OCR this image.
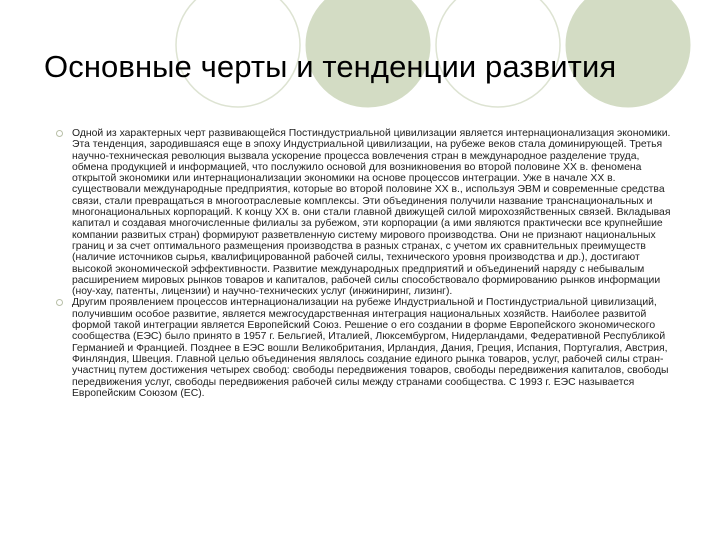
Основные черты и тенденции развития
Одной из характерных черт развивающейся Постиндустриальной цивилизации является интернационализация экономики. Эта тенденция, зародившаяся еще в эпоху Индустриальной цивилизации, на рубеже веков стала доминирующей. Третья научно-техническая революция вызвала ускорение процесса вовлечения стран в международное разделение труда, обмена продукцией и информацией, что послужило основой для возникновения во второй половине XX в. феномена открытой экономики или интернационализации экономики на основе процессов интеграции. Уже в начале XX в. существовали международные предприятия, которые во второй половине XX в., используя ЭВМ и современные средства связи, стали превращаться в многоотраслевые комплексы. Эти объединения получили название транснациональных и многонациональных корпораций. К концу XX в. они стали главной движущей силой мирохозяйственных связей. Вкладывая капитал и создавая многочисленные филиалы за рубежом, эти корпорации (а ими являются практически все крупнейшие компании развитых стран) формируют разветвленную систему мирового производства. Они не признают национальных границ и за счет оптимального размещения производства в разных странах, с учетом их сравнительных преимуществ (наличие источников сырья, квалифицированной рабочей силы, технического уровня производства и др.), достигают высокой экономической эффективности. Развитие международных предприятий и объединений наряду с небывалым расширением мировых рынков товаров и капиталов, рабочей силы способствовало формированию рынков информации (ноу-хау, патенты, лицензии) и научно-технических услуг (инжиниринг, лизинг).
Другим проявлением процессов интернационализации на рубеже Индустриальной и Постиндустриальной цивилизаций, получившим особое развитие, является межгосударственная интеграция национальных хозяйств. Наиболее развитой формой такой интеграции является Европейский Союз. Решение о его создании в форме Европейского экономического сообщества (ЕЭС) было принято в 1957 г. Бельгией, Италией, Люксембургом, Нидерландами, Федеративной Республикой Германией и Францией. Позднее в ЕЭС вошли Великобритания, Ирландия, Дания, Греция, Испания, Португалия, Австрия, Финляндия, Швеция. Главной целью объединения являлось создание единого рынка товаров, услуг, рабочей силы стран-участниц путем достижения четырех свобод: свободы передвижения товаров, свободы передвижения капиталов, свободы передвижения услуг, свободы передвижения рабочей силы между странами сообщества. С 1993 г. ЕЭС называется Европейским Союзом (ЕС).
